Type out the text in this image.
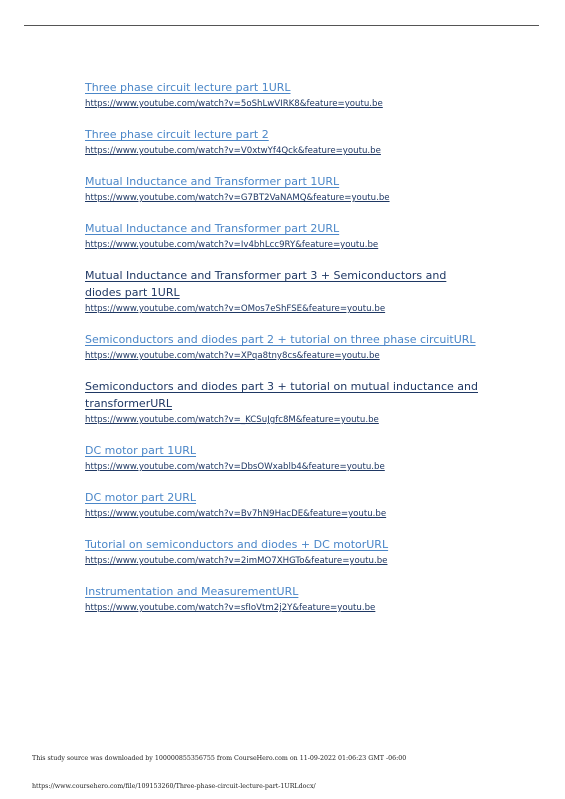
Three phase circuit lecture part 1URL
https://www.youtube.com/watch?v=5oShLwVIRK8&feature=youtu.be
Three phase circuit lecture part 2
https://www.youtube.com/watch?v=V0xtwYf4Qck&feature=youtu.be
Mutual Inductance and Transformer part 1URL
https://www.youtube.com/watch?v=G7BT2VaNAMQ&feature=youtu.be
Mutual Inductance and Transformer part 2URL
https://www.youtube.com/watch?v=Iv4bhLcc9RY&feature=youtu.be
Mutual Inductance and Transformer part 3 + Semiconductors and diodes part 1URL
https://www.youtube.com/watch?v=OMos7eShFSE&feature=youtu.be
Semiconductors and diodes part 2 + tutorial on three phase circuitURL
https://www.youtube.com/watch?v=XPqa8tny8cs&feature=youtu.be
Semiconductors and diodes part 3 + tutorial on mutual inductance and transformerURL
https://www.youtube.com/watch?v=_KCSuJgfc8M&feature=youtu.be
DC motor part 1URL
https://www.youtube.com/watch?v=DbsOWxablb4&feature=youtu.be
DC motor part 2URL
https://www.youtube.com/watch?v=Bv7hN9HacDE&feature=youtu.be
Tutorial on semiconductors and diodes + DC motorURL
https://www.youtube.com/watch?v=2imMO7XHGTo&feature=youtu.be
Instrumentation and MeasurementURL
https://www.youtube.com/watch?v=sfIoVtm2j2Y&feature=youtu.be
This study source was downloaded by 100000855356755 from CourseHero.com on 11-09-2022 01:06:23 GMT -06:00
https://www.coursehero.com/file/109153260/Three-phase-circuit-lecture-part-1URLdocx/
